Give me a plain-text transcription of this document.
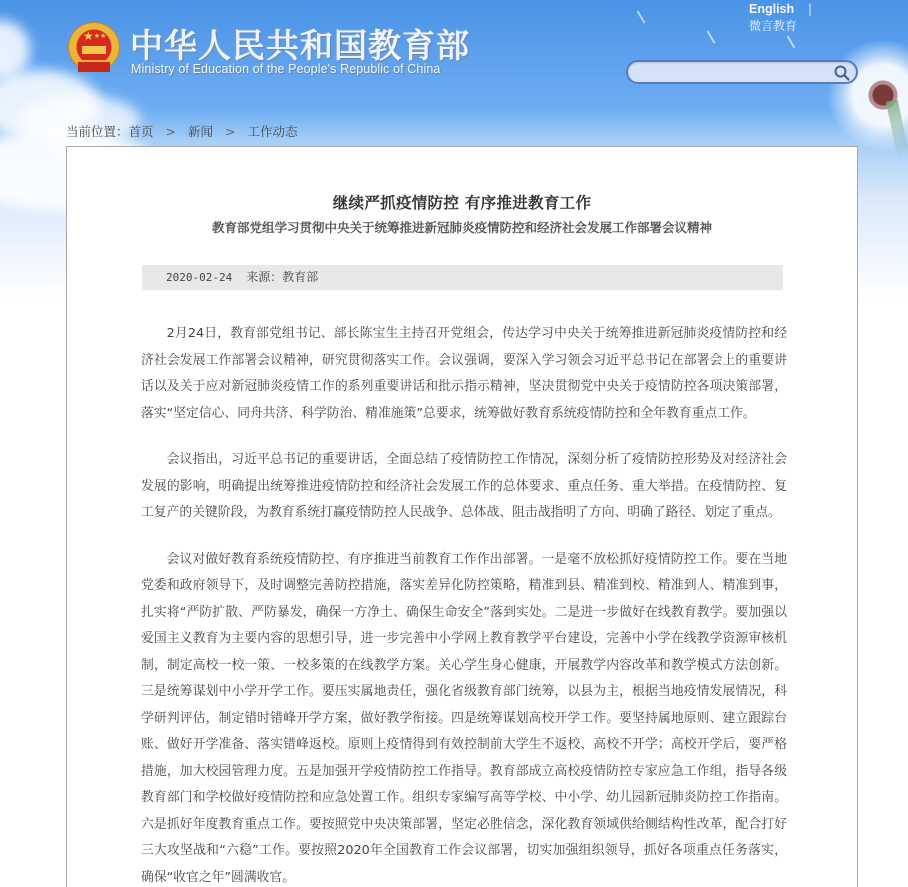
★★★ 中华人民共和国教育部
Ministry of Education of the People's Republic of China
English |
微言教育
当前位置：首页 > 新闻 > 工作动态
继续严抓疫情防控 有序推进教育工作
教育部党组学习贯彻中央关于统筹推进新冠肺炎疫情防控和经济社会发展工作部署会议精神
2020-02-24 来源：教育部

2月24日，教育部党组书记、部长陈宝生主持召开党组会，传达学习中央关于统筹推进新冠肺炎疫情防控和经济社会发展工作部署会议精神，研究贯彻落实工作。会议强调，要深入学习领会习近平总书记在部署会上的重要讲话以及关于应对新冠肺炎疫情工作的系列重要讲话和批示指示精神，坚决贯彻党中央关于疫情防控各项决策部署，落实“坚定信心、同舟共济、科学防治、精准施策”总要求，统筹做好教育系统疫情防控和全年教育重点工作。

会议指出，习近平总书记的重要讲话，全面总结了疫情防控工作情况，深刻分析了疫情防控形势及对经济社会发展的影响，明确提出统筹推进疫情防控和经济社会发展工作的总体要求、重点任务、重大举措。在疫情防控、复工复产的关键阶段，为教育系统打赢疫情防控人民战争、总体战、阻击战指明了方向、明确了路径、划定了重点。

会议对做好教育系统疫情防控、有序推进当前教育工作作出部署。一是毫不放松抓好疫情防控工作。要在当地党委和政府领导下，及时调整完善防控措施，落实差异化防控策略，精准到县、精准到校、精准到人、精准到事，扎实将“严防扩散、严防暴发，确保一方净土、确保生命安全”落到实处。二是进一步做好在线教育教学。要加强以爱国主义教育为主要内容的思想引导，进一步完善中小学网上教育教学平台建设，完善中小学在线教学资源审核机制，制定高校一校一策、一校多策的在线教学方案。关心学生身心健康，开展教学内容改革和教学模式方法创新。三是统筹谋划中小学开学工作。要压实属地责任，强化省级教育部门统筹，以县为主，根据当地疫情发展情况，科学研判评估，制定错时错峰开学方案，做好教学衔接。四是统筹谋划高校开学工作。要坚持属地原则、建立跟踪台账、做好开学准备、落实错峰返校。原则上疫情得到有效控制前大学生不返校、高校不开学；高校开学后，要严格措施，加大校园管理力度。五是加强开学疫情防控工作指导。教育部成立高校疫情防控专家应急工作组，指导各级教育部门和学校做好疫情防控和应急处置工作。组织专家编写高等学校、中小学、幼儿园新冠肺炎防控工作指南。六是抓好年度教育重点工作。要按照党中央决策部署，坚定必胜信念，深化教育领域供给侧结构性改革，配合打好三大攻坚战和“六稳”工作。要按照2020年全国教育工作会议部署，切实加强组织领导，抓好各项重点任务落实，确保“收官之年”圆满收官。
